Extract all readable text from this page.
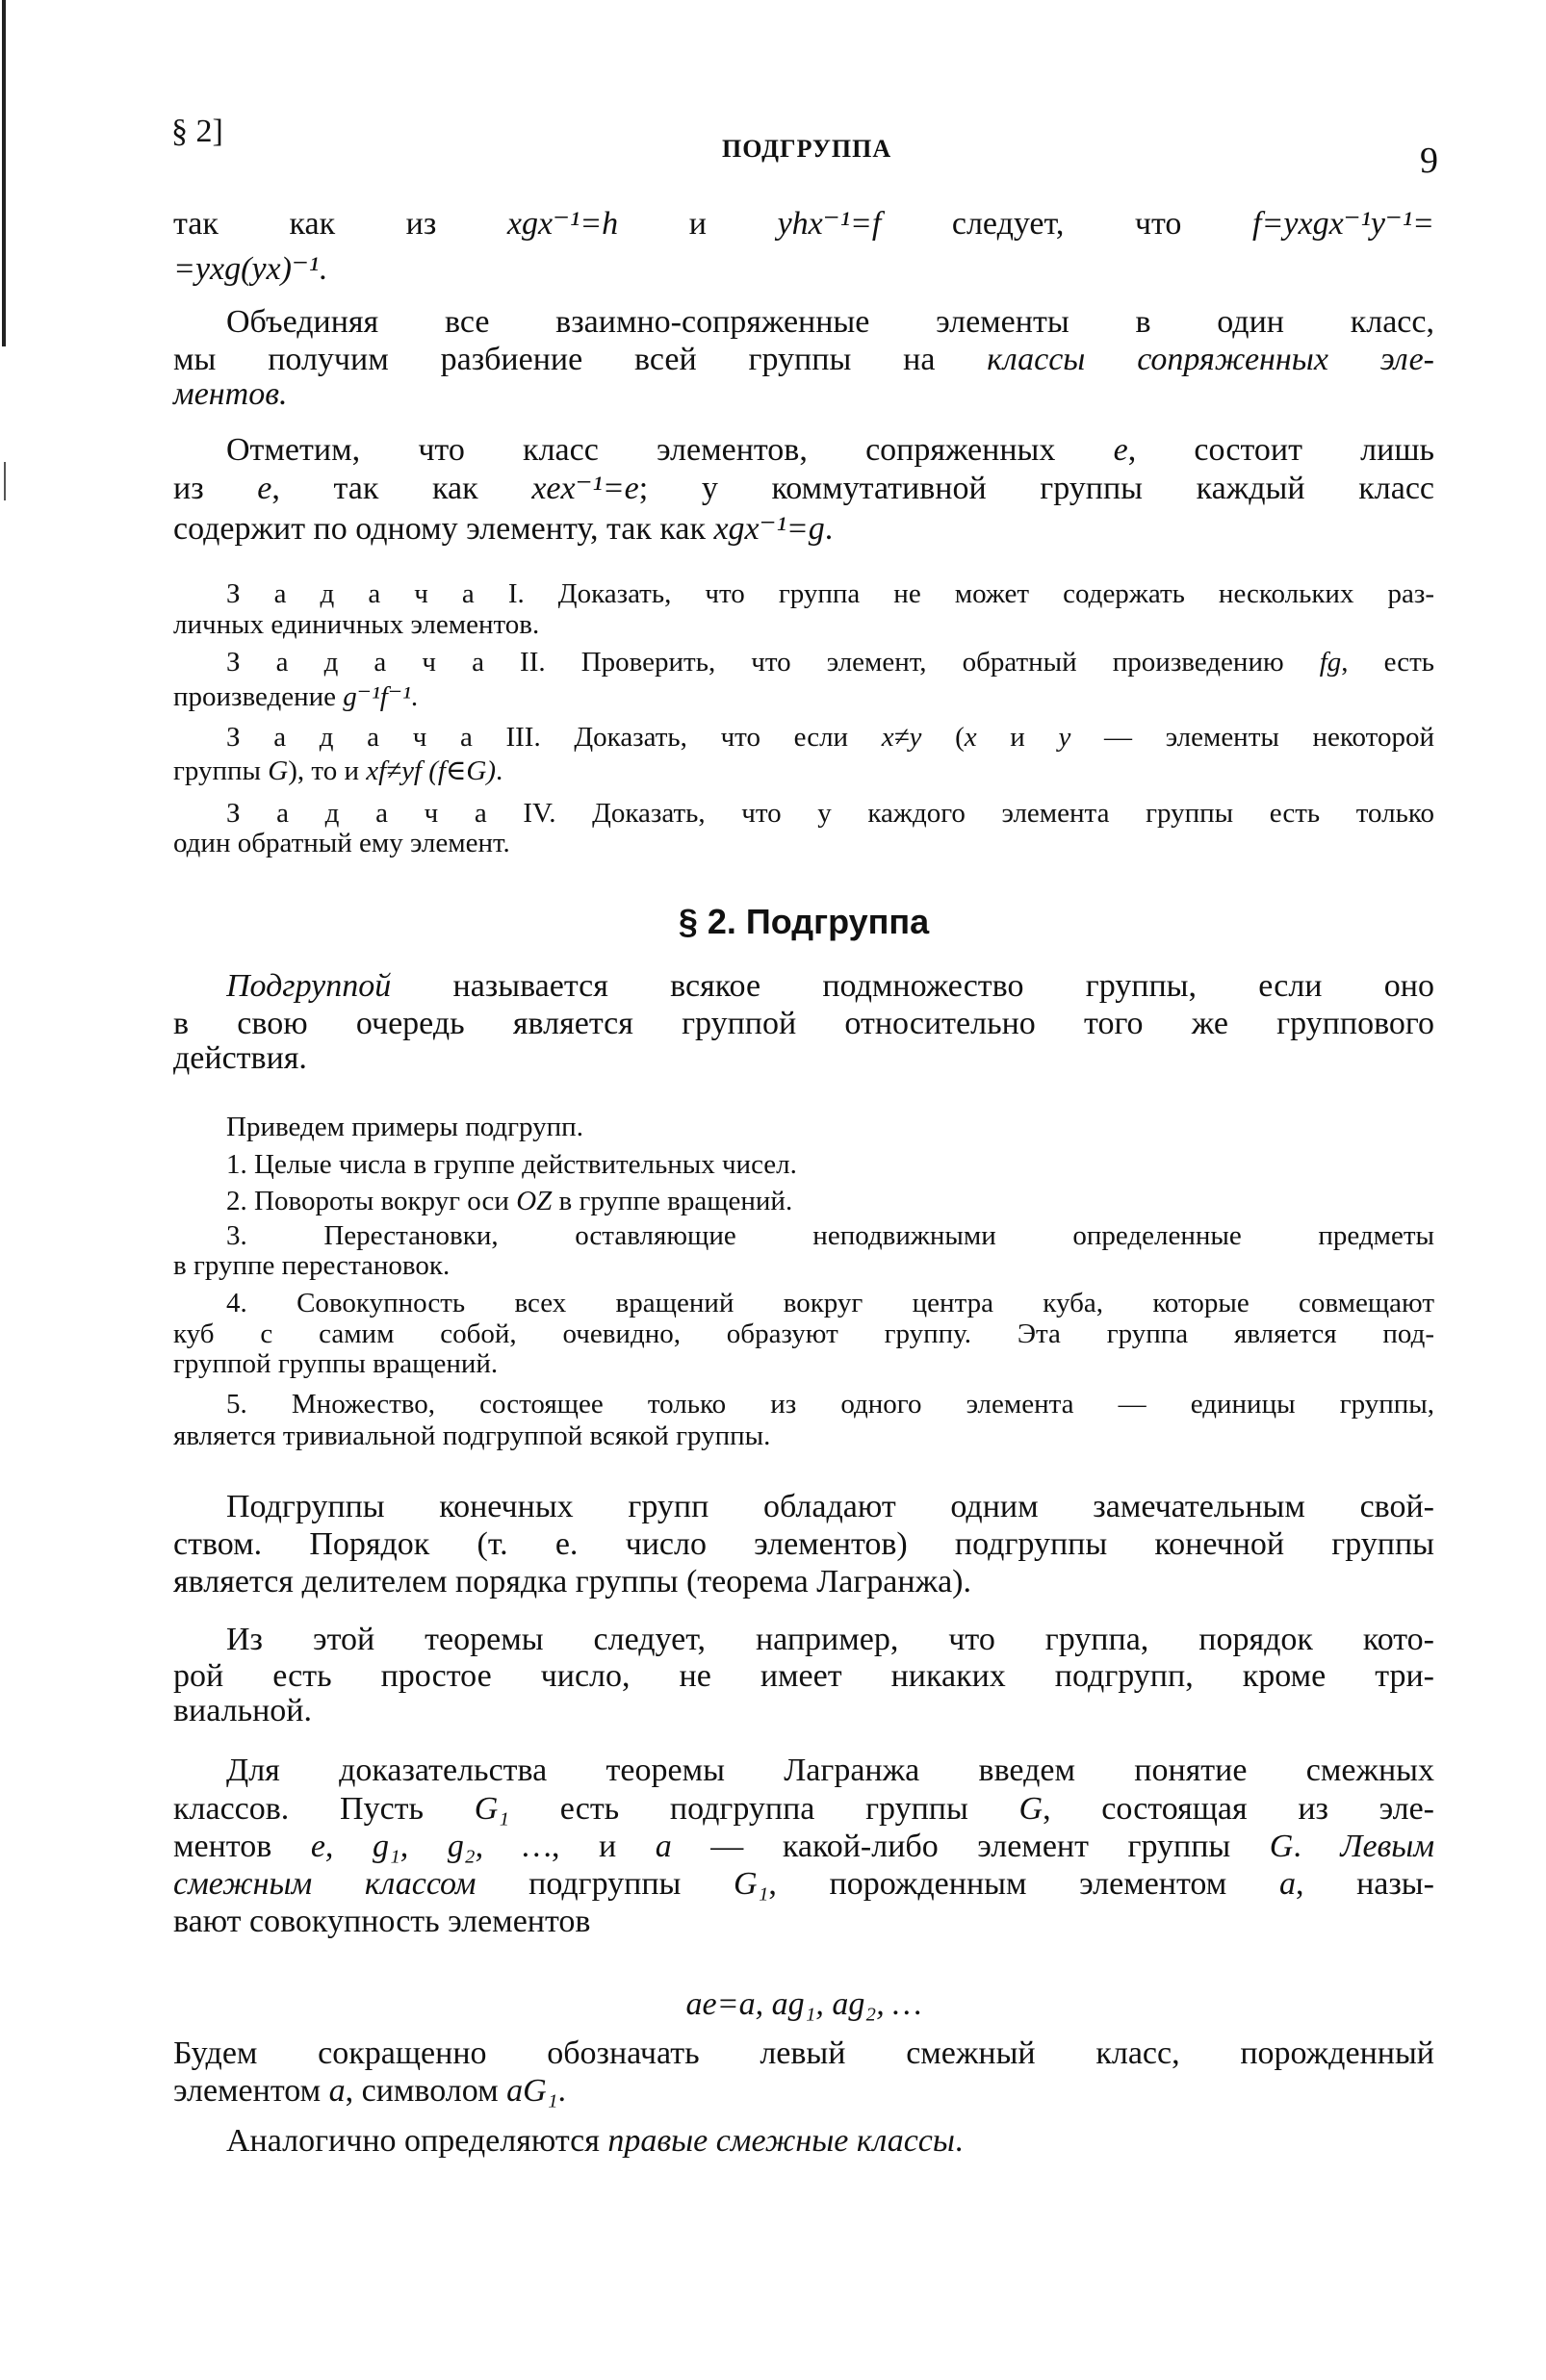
§ 2]	ПОДГРУППА	9
так как из xgx⁻¹=h и yhx⁻¹=f следует, что f=yxgx⁻¹y⁻¹=
=yxg(yx)⁻¹.
Объединяя все взаимно-сопряженные элементы в один класс,
мы получим разбиение всей группы на классы сопряженных эле-
ментов.
Отметим, что класс элементов, сопряженных e, состоит лишь
из e, так как xex⁻¹=e; у коммутативной группы каждый класс
содержит по одному элементу, так как xgx⁻¹=g.
З а д а ч а I. Доказать, что группа не может содержать нескольких раз-
личных единичных элементов.
З а д а ч а II. Проверить, что элемент, обратный произведению fg, есть
произведение g⁻¹f⁻¹.
З а д а ч а III. Доказать, что если x≠y (x и y — элементы некоторой
группы G), то и xf≠yf (f∈G).
З а д а ч а IV. Доказать, что у каждого элемента группы есть только
один обратный ему элемент.
§ 2. Подгруппа
Подгруппой называется всякое подмножество группы, если оно
в свою очередь является группой относительно того же группового
действия.
Приведем примеры подгрупп.
1. Целые числа в группе действительных чисел.
2. Повороты вокруг оси OZ в группе вращений.
3. Перестановки, оставляющие неподвижными определенные предметы
в группе перестановок.
4. Совокупность всех вращений вокруг центра куба, которые совмещают
куб с самим собой, очевидно, образуют группу. Эта группа является под-
группой группы вращений.
5. Множество, состоящее только из одного элемента — единицы группы,
является тривиальной подгруппой всякой группы.
Подгруппы конечных групп обладают одним замечательным свой-
ством. Порядок (т. е. число элементов) подгруппы конечной группы
является делителем порядка группы (теорема Лагранжа).
Из этой теоремы следует, например, что группа, порядок кото-
рой есть простое число, не имеет никаких подгрупп, кроме три-
виальной.
Для доказательства теоремы Лагранжа введем понятие смежных
классов. Пусть G₁ есть подгруппа группы G, состоящая из эле-
ментов e, g₁, g₂, …, и a — какой-либо элемент группы G. Левым
смежным классом подгруппы G₁, порожденным элементом a, назы-
вают совокупность элементов
ae=a, ag₁, ag₂, …
Будем сокращенно обозначать левый смежный класс, порожденный
элементом a, символом aG₁.
Аналогично определяются правые смежные классы.
